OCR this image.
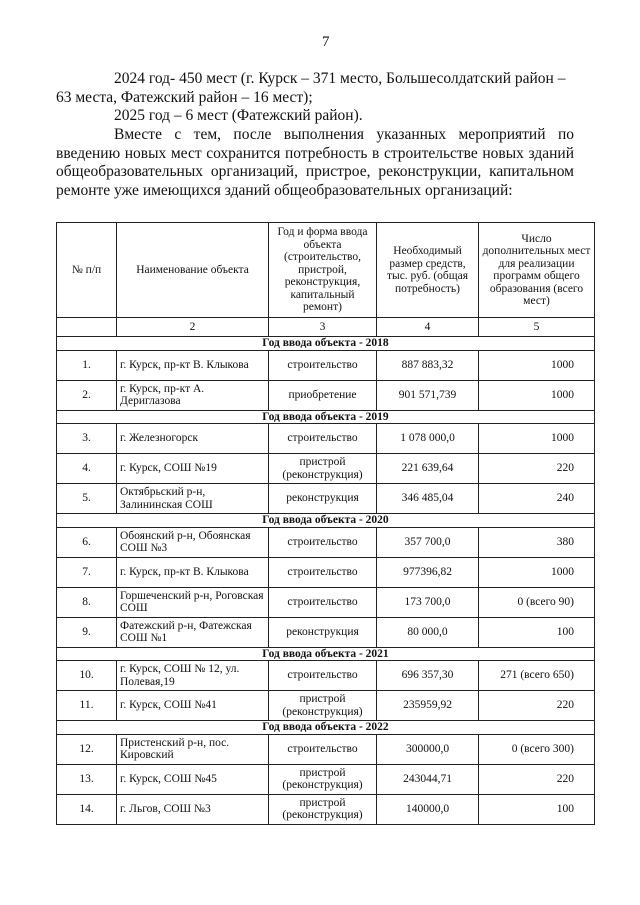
7

2024 год- 450 мест (г. Курск – 371 место, Большесолдатский район – 63 места, Фатежский район – 16 мест);

2025 год – 6 мест (Фатежский район).

Вместе с тем, после выполнения указанных мероприятий по введению новых мест сохранится потребность в строительстве новых зданий общеобразовательных организаций, пристрое, реконструкции, капитальном ремонте уже имеющихся зданий общеобразовательных организаций:

№ п/п	Наименование объекта	Год и форма ввода объекта (строительство, пристрой, реконструкция, капитальный ремонт)	Необходимый размер средств, тыс. руб. (общая потребность)	Число дополнительных мест для реализации программ общего образования (всего мест)
	2	3	4	5
Год ввода объекта - 2018				
1.	г. Курск, пр-кт В. Клыкова	строительство	887 883,32	1000
2.	г. Курск, пр-кт А. Дериглазова	приобретение	901 571,739	1000
Год ввода объекта - 2019				
3.	г. Железногорск	строительство	1 078 000,0	1000
4.	г. Курск, СОШ №19	пристрой (реконструкция)	221 639,64	220
5.	Октябрьский р-н, Залининская СОШ	реконструкция	346 485,04	240
Год ввода объекта - 2020				
6.	Обоянский р-н, Обоянская СОШ №3	строительство	357 700,0	380
7.	г. Курск, пр-кт В. Клыкова	строительство	977396,82	1000
8.	Горшеченский р-н, Роговская СОШ	строительство	173 700,0	0 (всего 90)
9.	Фатежский р-н, Фатежская СОШ №1	реконструкция	80 000,0	100
Год ввода объекта - 2021				
10.	г. Курск, СОШ № 12, ул. Полевая,19	строительство	696 357,30	271 (всего 650)
11.	г. Курск, СОШ №41	пристрой (реконструкция)	235959,92	220
Год ввода объекта - 2022				
12.	Пристенский р-н, пос. Кировский	строительство	300000,0	0 (всего 300)
13.	г. Курск, СОШ №45	пристрой (реконструкция)	243044,71	220
14.	г. Льгов, СОШ №3	пристрой (реконструкция)	140000,0	100
